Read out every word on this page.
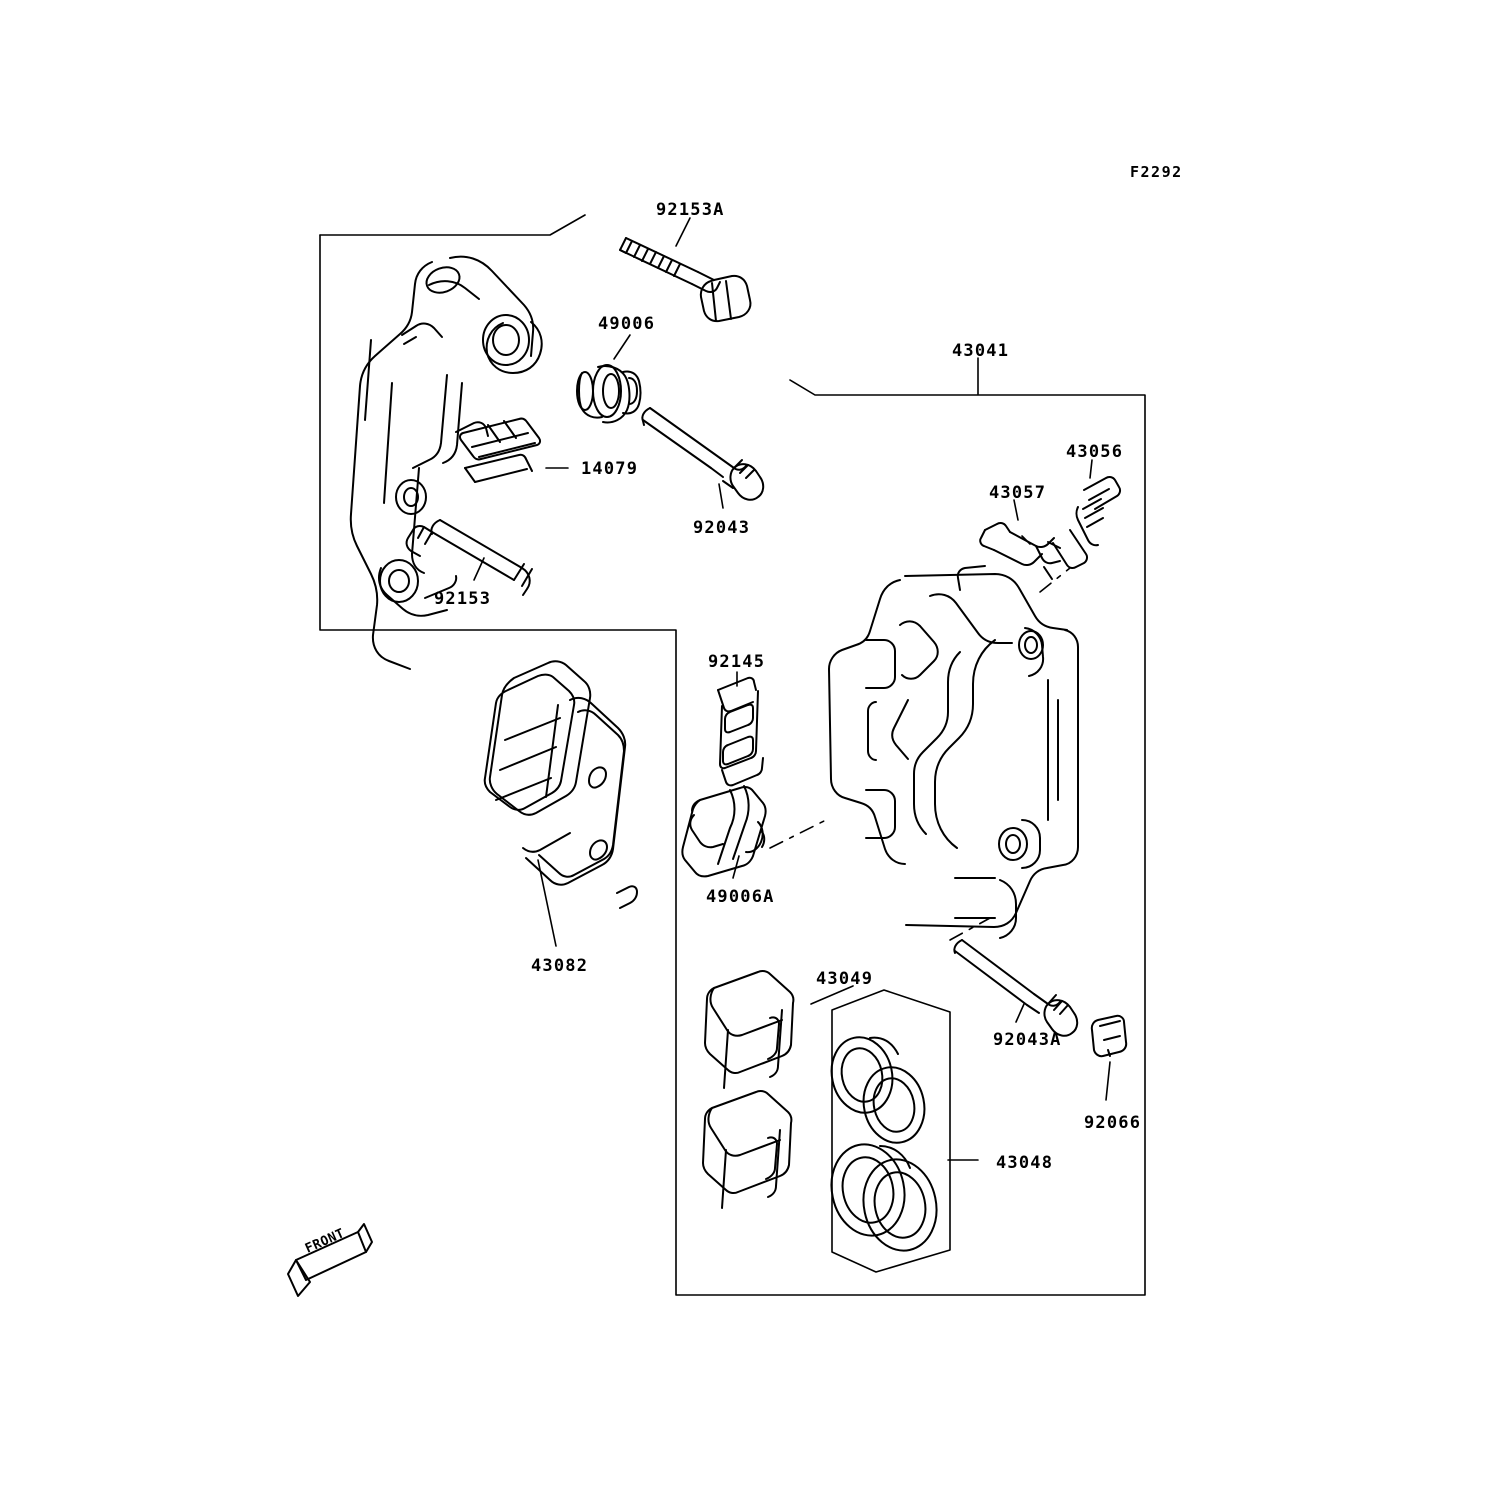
F2292
92153A
49006
14079
92043
92153
43041
43056
43057
92145
49006A
43082
43049
92043A
92066
43048
FRONT
